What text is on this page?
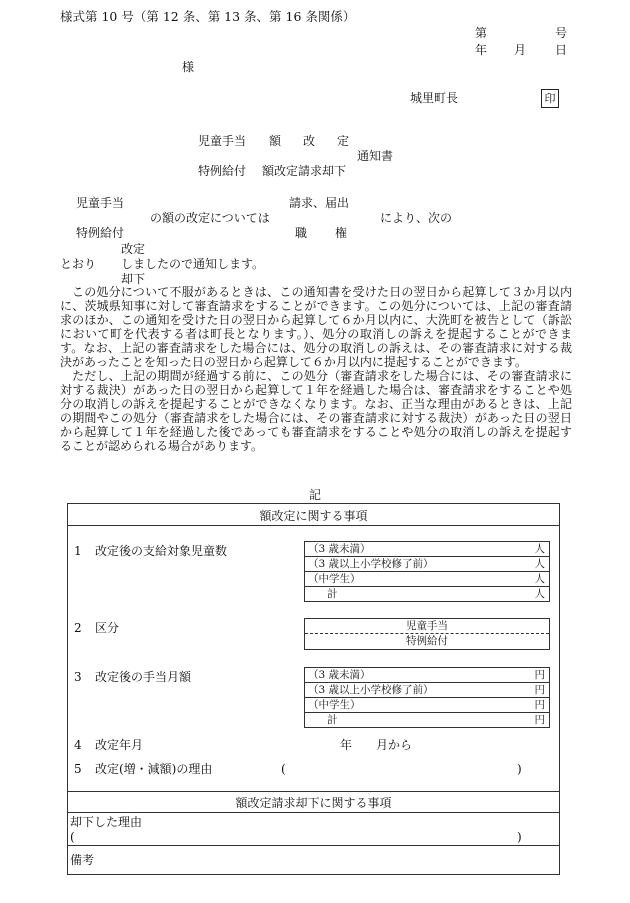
様式第 10 号（第 12 条、第 13 条、第 16 条関係）
第	号
年 月 日
様
城里町長	印
児童手当 額 改 定
通知書
特例給付 額改定請求却下
児童手当	請求、届出
の額の改定については	により、次の
特例給付	職 権
改定
とおり しましたので通知します。
却下

この処分について不服があるときは、この通知書を受けた日の翌日から起算して３か月以内に、茨城県知事に対して審査請求をすることができます。この処分については、上記の審査請求のほか、この通知を受けた日の翌日から起算して６か月以内に、大洗町を被告として（訴訟において町を代表する者は町長となります。）、処分の取消しの訴えを提起することができます。なお、上記の審査請求をした場合には、処分の取消しの訴えは、その審査請求に対する裁決があったことを知った日の翌日から起算して６か月以内に提起することができます。

ただし、上記の期間が経過する前に、この処分（審査請求をした場合には、その審査請求に対する裁決）があった日の翌日から起算して１年を経過した場合は、審査請求をすることや処分の取消しの訴えを提起することができなくなります。なお、正当な理由があるときは、上記の期間やこの処分（審査請求をした場合には、その審査請求に対する裁決）があった日の翌日から起算して１年を経過した後であっても審査請求をすることや処分の取消しの訴えを提起することが認められる場合があります。

記
額改定に関する事項
1 改定後の支給対象児童数	（3 歳未満）	人
（3 歳以上小学校修了前）	人
（中学生）	人
計	人
2 区分	児童手当
特例給付
3 改定後の手当月額	（3 歳未満）	円
（3 歳以上小学校修了前）	円
（中学生）	円
計	円
4 改定年月	年 月から
5 改定(増・減額)の理由	(	)
額改定請求却下に関する事項
却下した理由
(	)
備考
